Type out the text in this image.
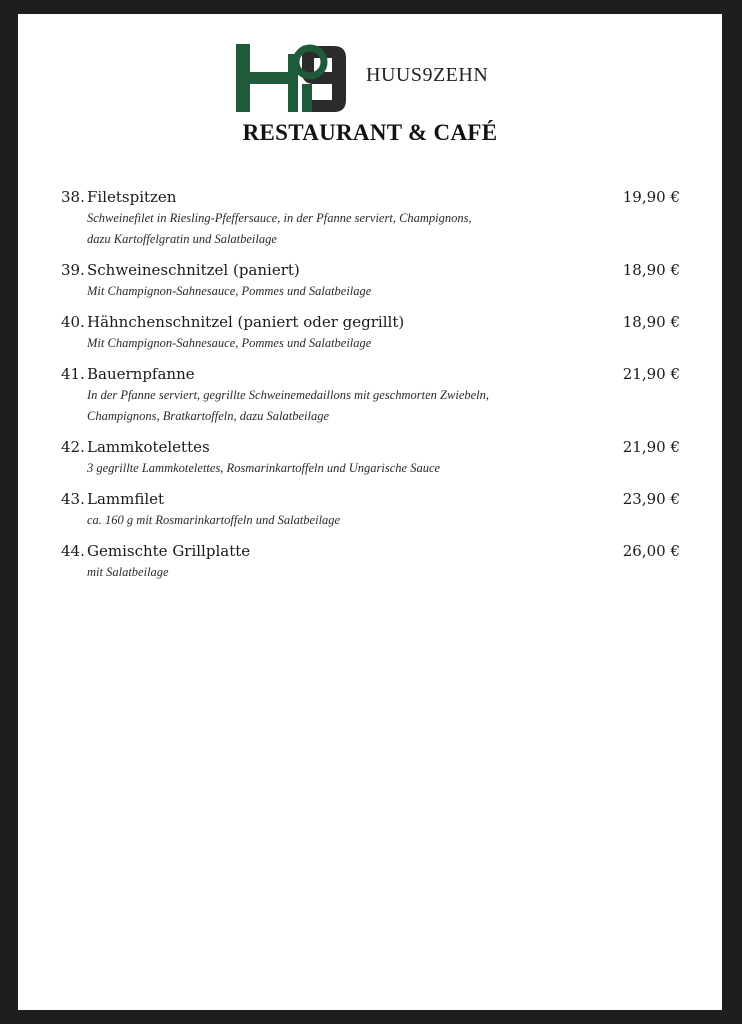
HUUS9ZEHN
RESTAURANT & CAFÉ
38. Filetspitzen	19,90 €
Schweinefilet in Riesling-Pfeffersauce, in der Pfanne serviert, Champignons,
dazu Kartoffelgratin und Salatbeilage
39. Schweineschnitzel (paniert)	18,90 €
Mit Champignon-Sahnesauce, Pommes und Salatbeilage
40. Hähnchenschnitzel (paniert oder gegrillt)	18,90 €
Mit Champignon-Sahnesauce, Pommes und Salatbeilage
41. Bauernpfanne	21,90 €
In der Pfanne serviert, gegrillte Schweinemedaillons mit geschmorten Zwiebeln,
Champignons, Bratkartoffeln, dazu Salatbeilage
42. Lammkotelettes	21,90 €
3 gegrillte Lammkotelettes, Rosmarinkartoffeln und Ungarische Sauce
43. Lammfilet	23,90 €
ca. 160 g mit Rosmarinkartoffeln und Salatbeilage
44. Gemischte Grillplatte	26,00 €
mit Salatbeilage
